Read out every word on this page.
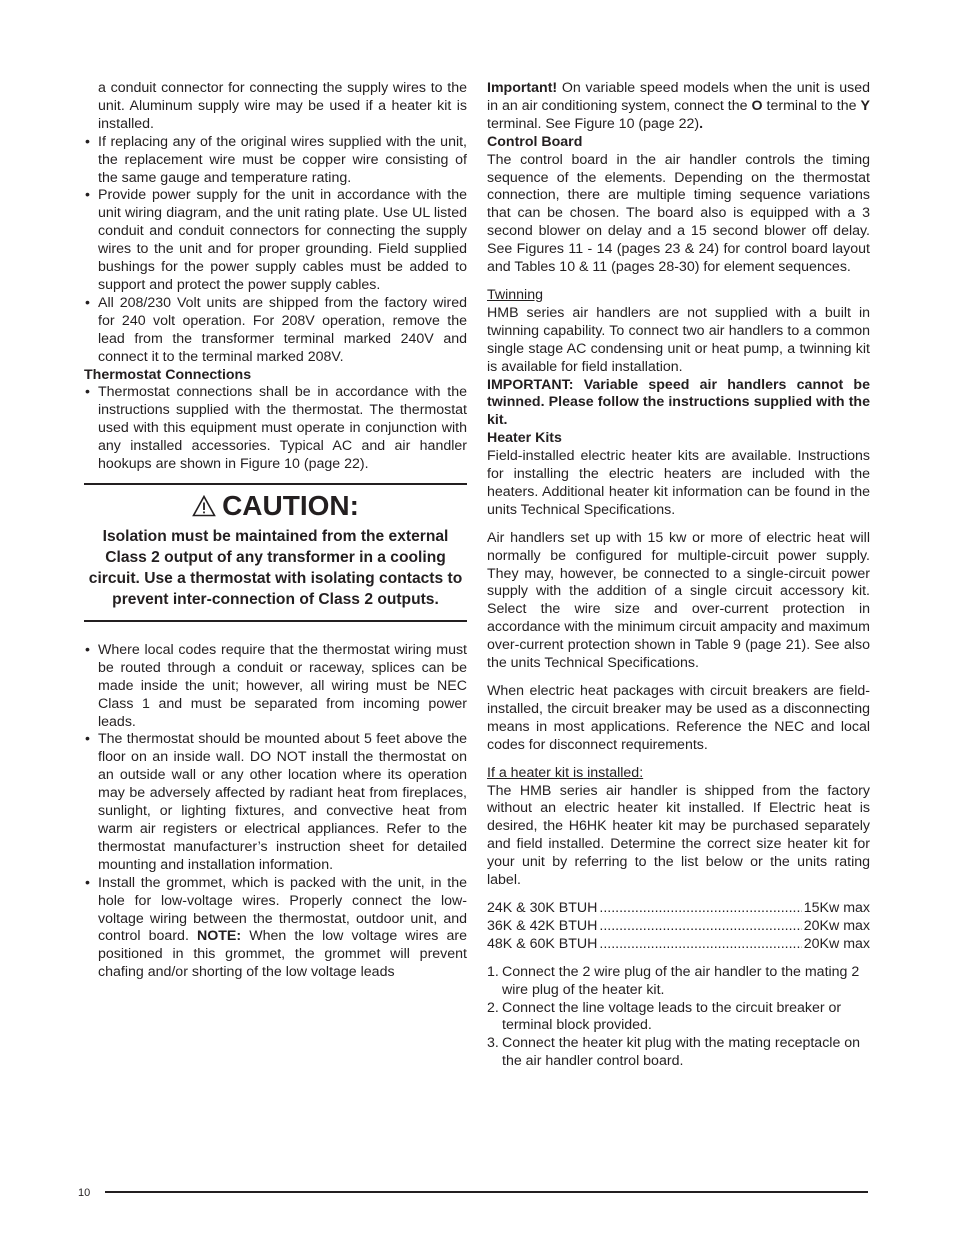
a conduit connector for connecting the supply wires to the unit. Aluminum supply wire may be used if a heater kit is installed.

• If replacing any of the original wires supplied with the unit, the replacement wire must be copper wire consisting of the same gauge and temperature rating.
• Provide power supply for the unit in accordance with the unit wiring diagram, and the unit rating plate. Use UL listed conduit and conduit connectors for connecting the supply wires to the unit and for proper grounding. Field supplied bushings for the power supply cables must be added to support and protect the power supply cables.
• All 208/230 Volt units are shipped from the factory wired for 240 volt operation. For 208V operation, remove the lead from the transformer terminal marked 240V and connect it to the terminal marked 208V.

Thermostat Connections

• Thermostat connections shall be in accordance with the instructions supplied with the thermostat. The thermostat used with this equipment must operate in conjunction with any installed accessories. Typical AC and air handler hookups are shown in Figure 10 (page 22).
CAUTION:
Isolation must be maintained from the external Class 2 output of any transformer in a cooling circuit. Use a thermostat with isolating contacts to prevent inter-connection of Class 2 outputs.
• Where local codes require that the thermostat wiring must be routed through a conduit or raceway, splices can be made inside the unit; however, all wiring must be NEC Class 1 and must be separated from incoming power leads.
• The thermostat should be mounted about 5 feet above the floor on an inside wall. DO NOT install the thermostat on an outside wall or any other location where its operation may be adversely affected by radiant heat from fireplaces, sunlight, or lighting fixtures, and convective heat from warm air registers or electrical appliances. Refer to the thermostat manufacturer’s instruction sheet for detailed mounting and installation information.
• Install the grommet, which is packed with the unit, in the hole for low-voltage wires. Properly connect the low-voltage wiring between the thermostat, outdoor unit, and control board. NOTE: When the low voltage wires are positioned in this grommet, the grommet will prevent chafing and/or shorting of the low voltage leads

Important! On variable speed models when the unit is used in an air conditioning system, connect the O terminal to the Y terminal. See Figure 10 (page 22).

Control Board

The control board in the air handler controls the timing sequence of the elements. Depending on the thermostat connection, there are multiple timing sequence variations that can be chosen. The board also is equipped with a 3 second blower on delay and a 15 second blower off delay. See Figures 11 - 14 (pages 23 & 24) for control board layout and Tables 10 & 11 (pages 28-30) for element sequences.

Twinning

HMB series air handlers are not supplied with a built in twinning capability. To connect two air handlers to a common single stage AC condensing unit or heat pump, a twinning kit is available for field installation.

IMPORTANT: Variable speed air handlers cannot be twinned. Please follow the instructions supplied with the kit.

Heater Kits

Field-installed electric heater kits are available. Instructions for installing the electric heaters are included with the heaters. Additional heater kit information can be found in the units Technical Specifications.

Air handlers set up with 15 kw or more of electric heat will normally be configured for multiple-circuit power supply. They may, however, be connected to a single-circuit power supply with the addition of a single circuit accessory kit. Select the wire size and over-current protection in accordance with the minimum circuit ampacity and maximum over-current protection shown in Table 9 (page 21). See also the units Technical Specifications.

When electric heat packages with circuit breakers are field-installed, the circuit breaker may be used as a disconnecting means in most applications. Reference the NEC and local codes for disconnect requirements.

If a heater kit is installed:

The HMB series air handler is shipped from the factory without an electric heater kit installed. If Electric heat is desired, the H6HK heater kit may be purchased separately and field installed. Determine the correct size heater kit for your unit by referring to the list below or the units rating label.

24K & 30K BTUH .....	15Kw max
36K & 42K BTUH .....	20Kw max
48K & 60K BTUH .....	20Kw max
1. Connect the 2 wire plug of the air handler to the mating 2 wire plug of the heater kit.
2. Connect the line voltage leads to the circuit breaker or terminal block provided.
3. Connect the heater kit plug with the mating receptacle on the air handler control board.
10
